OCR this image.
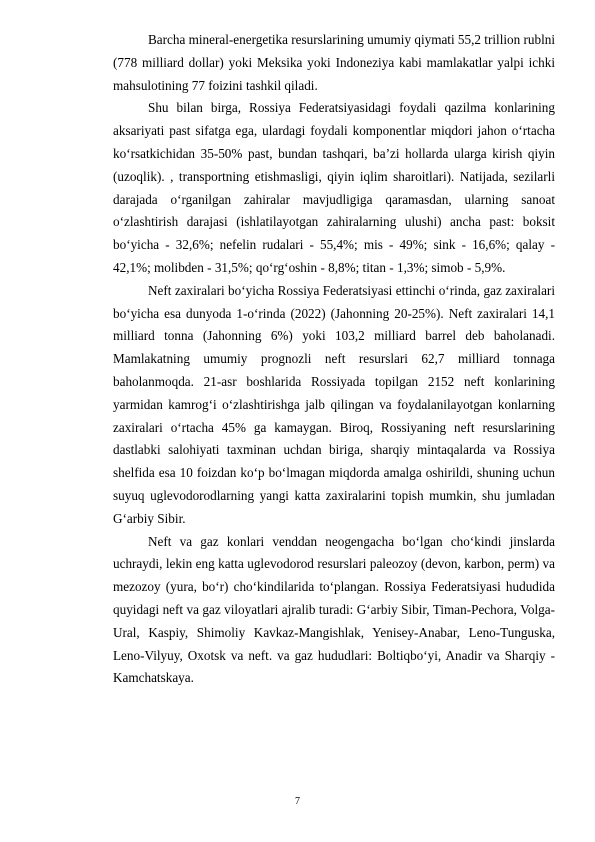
Barcha mineral-energetika resurslarining umumiy qiymati 55,2 trillion rublni (778 milliard dollar) yoki Meksika yoki Indoneziya kabi mamlakatlar yalpi ichki mahsulotining 77 foizini tashkil qiladi.

Shu bilan birga, Rossiya Federatsiyasidagi foydali qazilma konlarining aksariyati past sifatga ega, ulardagi foydali komponentlar miqdori jahon o‘rtacha ko‘rsatkichidan 35-50% past, bundan tashqari, ba’zi hollarda ularga kirish qiyin (uzoqlik). , transportning etishmasligi, qiyin iqlim sharoitlari). Natijada, sezilarli darajada o‘rganilgan zahiralar mavjudligiga qaramasdan, ularning sanoat o‘zlashtirish darajasi (ishlatilayotgan zahiralarning ulushi) ancha past: boksit bo‘yicha - 32,6%; nefelin rudalari - 55,4%; mis - 49%; sink - 16,6%; qalay - 42,1%; molibden - 31,5%; qo‘rg‘oshin - 8,8%; titan - 1,3%; simob - 5,9%.

Neft zaxiralari bo‘yicha Rossiya Federatsiyasi ettinchi o‘rinda, gaz zaxiralari bo‘yicha esa dunyoda 1-o‘rinda (2022) (Jahonning 20-25%). Neft zaxiralari 14,1 milliard tonna (Jahonning 6%) yoki 103,2 milliard barrel deb baholanadi. Mamlakatning umumiy prognozli neft resurslari 62,7 milliard tonnaga baholanmoqda. 21-asr boshlarida Rossiyada topilgan 2152 neft konlarining yarmidan kamrog‘i o‘zlashtirishga jalb qilingan va foydalanilayotgan konlarning zaxiralari o‘rtacha 45% ga kamaygan. Biroq, Rossiyaning neft resurslarining dastlabki salohiyati taxminan uchdan biriga, sharqiy mintaqalarda va Rossiya shelfida esa 10 foizdan ko‘p bo‘lmagan miqdorda amalga oshirildi, shuning uchun suyuq uglevodorodlarning yangi katta zaxiralarini topish mumkin, shu jumladan G‘arbiy Sibir.

Neft va gaz konlari venddan neogengacha bo‘lgan cho‘kindi jinslarda uchraydi, lekin eng katta uglevodorod resurslari paleozoy (devon, karbon, perm) va mezozoy (yura, bo‘r) cho‘kindilarida to‘plangan. Rossiya Federatsiyasi hududida quyidagi neft va gaz viloyatlari ajralib turadi: G‘arbiy Sibir, Timan-Pechora, Volga-Ural, Kaspiy, Shimoliy Kavkaz-Mangishlak, Yenisey-Anabar, Leno-Tunguska, Leno-Vilyuy, Oxotsk va neft. va gaz hududlari: Boltiqbo‘yi, Anadir va Sharqiy -Kamchatskaya.

7
